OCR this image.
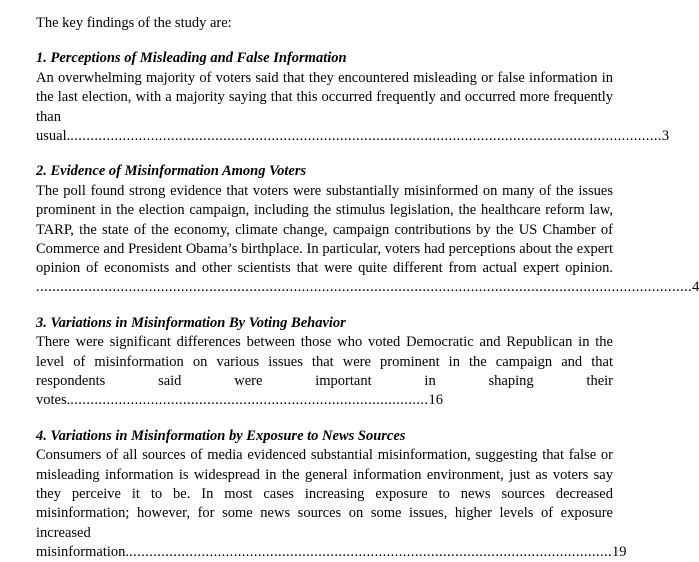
The key findings of the study are:

1. Perceptions of Misleading and False Information

An overwhelming majority of voters said that they encountered misleading or false information in the last election, with a majority saying that this occurred frequently and occurred more frequently than usual....................................................................................................................................................3

2. Evidence of Misinformation Among Voters

The poll found strong evidence that voters were substantially misinformed on many of the issues prominent in the election campaign, including the stimulus legislation, the healthcare reform law, TARP, the state of the economy, climate change, campaign contributions by the US Chamber of Commerce and President Obama’s birthplace. In particular, voters had perceptions about the expert opinion of economists and other scientists that were quite different from actual expert opinion. ...................................................................................................................................................................4

3. Variations in Misinformation By Voting Behavior

There were significant differences between those who voted Democratic and Republican in the level of misinformation on various issues that were prominent in the campaign and that respondents said were important in shaping their votes..........................................................................................16

4. Variations in Misinformation by Exposure to News Sources

Consumers of all sources of media evidenced substantial misinformation, suggesting that false or misleading information is widespread in the general information environment, just as voters say they perceive it to be. In most cases increasing exposure to news sources decreased misinformation; however, for some news sources on some issues, higher levels of exposure increased misinformation.........................................................................................................................19
